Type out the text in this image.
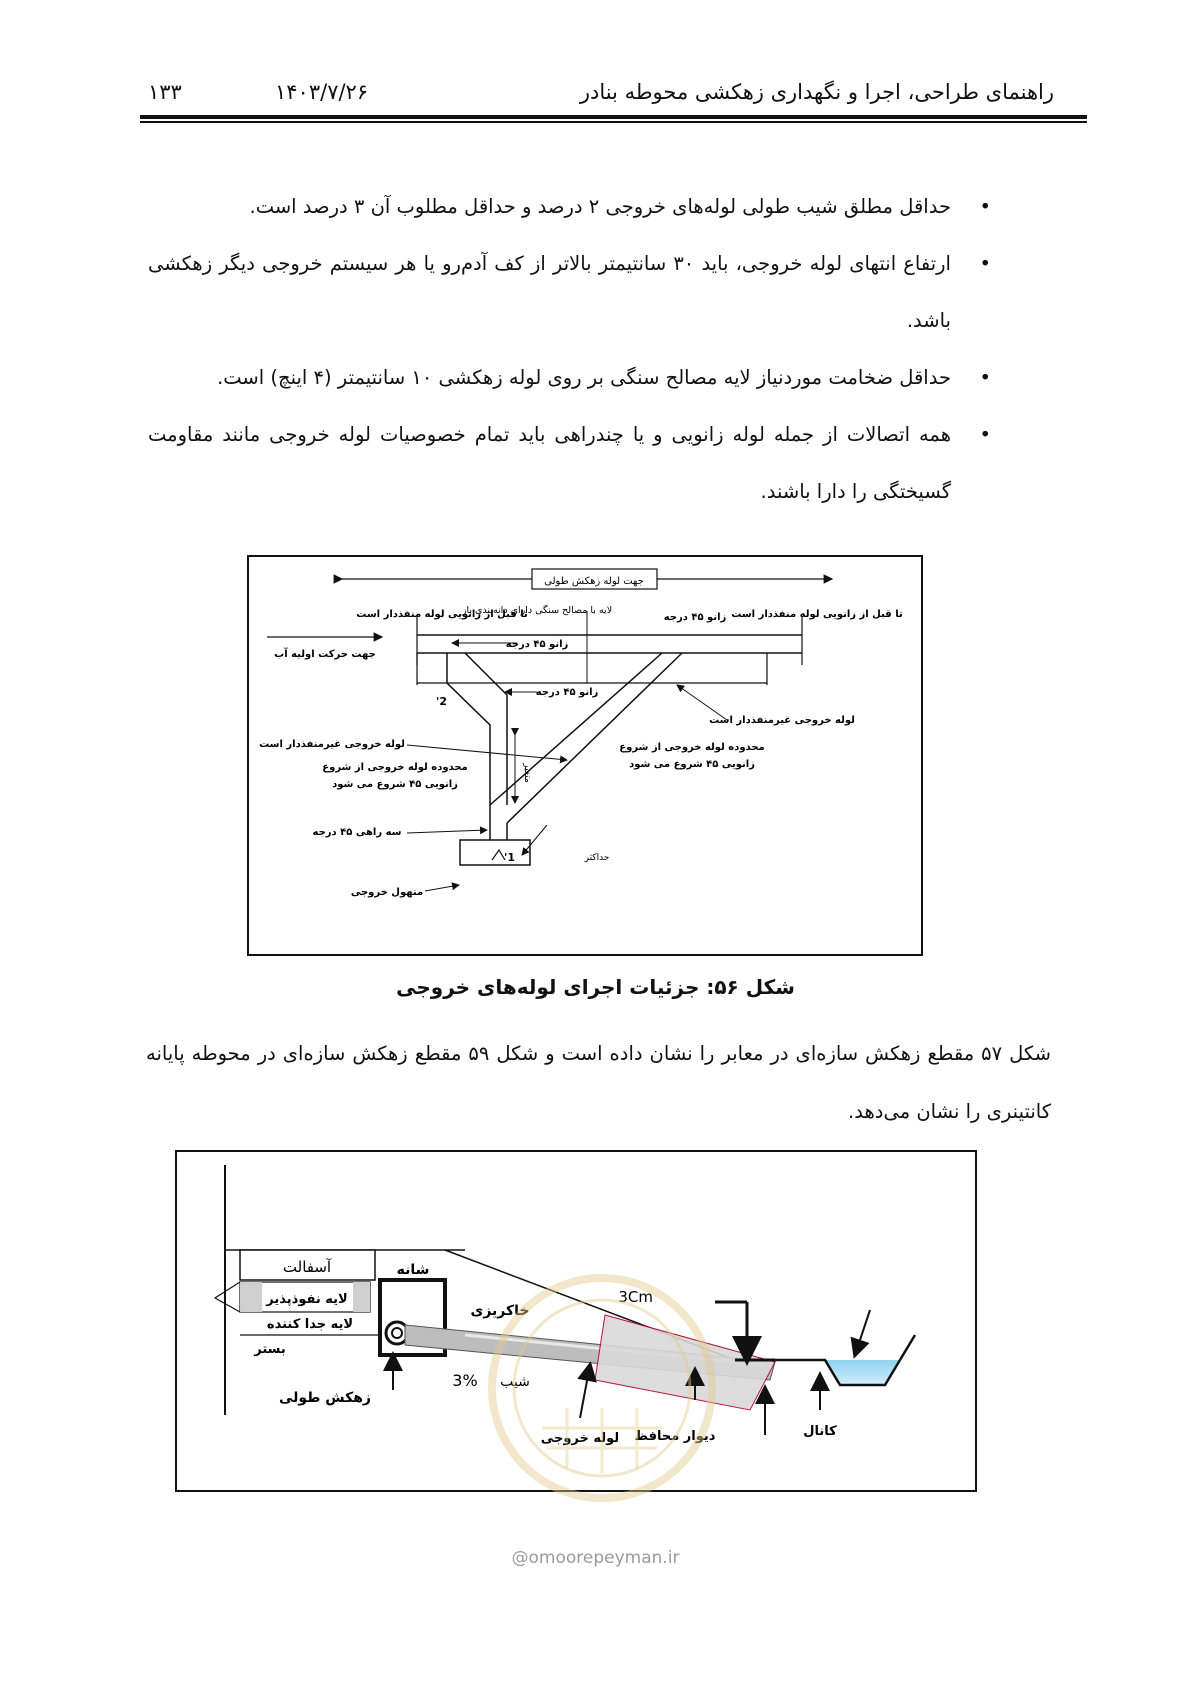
راهنمای طراحی، اجرا و نگهداری زهکشی محوطه بنادر
۱۴۰۳/۷/۲۶
۱۳۳
•
حداقل مطلق شیب طولی لوله‌های خروجی ۲ درصد و حداقل مطلوب آن ۳ درصد است.
•
ارتفاع انتهای لوله خروجی، باید ۳۰ سانتیمتر بالاتر از کف آدم‌رو یا هر سیستم خروجی دیگر زهکشی باشد.
•
حداقل ضخامت موردنیاز لایه مصالح سنگی بر روی لوله زهکشی ۱۰ سانتیمتر (۴ اینچ) است.
•
همه اتصالات از جمله لوله زانویی و یا چندراهی باید تمام خصوصیات لوله خروجی مانند مقاومت گسیختگی را دارا باشند.
جهت لوله زهکش طولی
تا قبل از زانویی لوله منفذدار است
لایه با مصالح سنگی دارای دانه‌بندی باز
زانو ۴۵ درجه تا قبل از زانویی لوله منفذدار است
جهت حرکت اولیه آب
زانو ۴۵ درجه
2'
زانو ۴۵ درجه
لوله خروجی غیرمنفذدار است
لوله خروجی غیرمنفذدار است	محدوده لوله خروجی از شروع
زانویی ۴۵ شروع می شود
محدوده لوله خروجی از شروع
زانویی ۴۵ شروع می شود
متغیر
سه راهی ۴۵ درجه
1'	حداکثر
منهول خروجی
شکل ۵۶: جزئیات اجرای لوله‌های خروجی
شکل ۵۷ مقطع زهکش سازه‌ای در معابر را نشان داده است و شکل ۵۹ مقطع زهکش سازه‌ای در محوطه پایانه کانتینری را نشان می‌دهد.
آسفالت
لایه نفوذپذیر
لایه جدا کننده
بستر
شانه
خاکریزی
3Cm
کانال
دیوار محافظ
3% شیب
زهکش طولی
لوله خروجی
@omoorepeyman.ir
